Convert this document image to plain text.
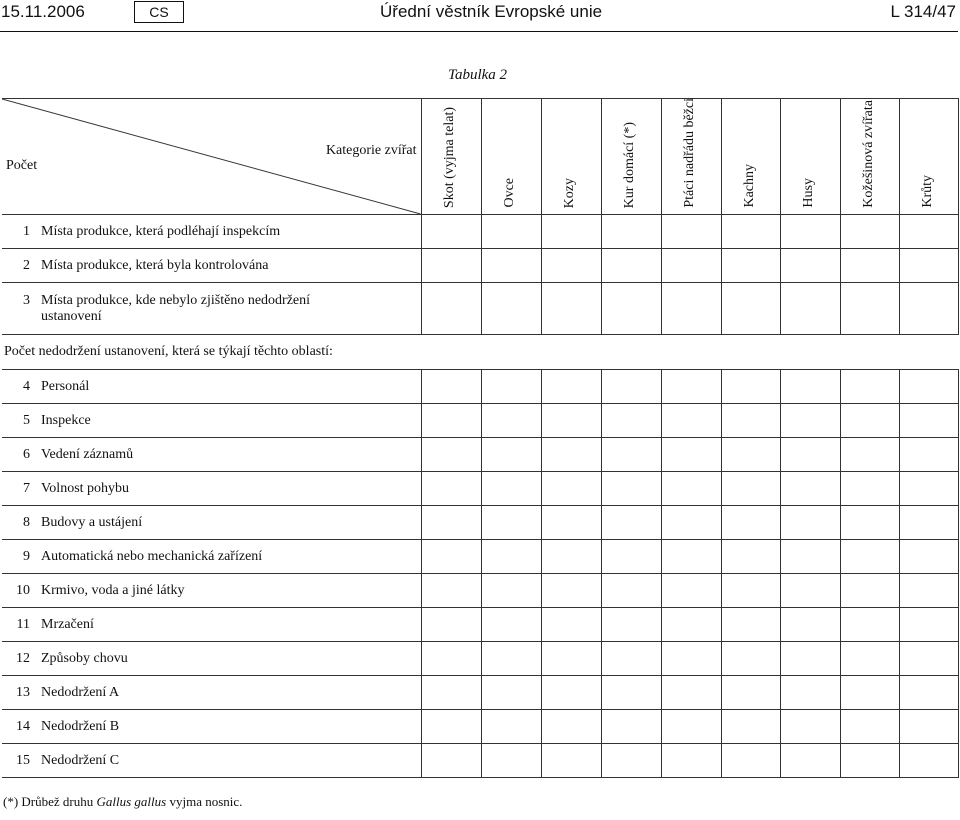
15.11.2006	CS	Úřední věstník Evropské unie	L 314/47
Tabulka 2
Kategorie zvířat
Počet	Skot (vyjma telat)	Ovce	Kozy	Kur domácí (*)	Ptáci nadřádu běžci	Kachny	Husy	Kožešinová zvířata	Krůty

1 Místa produkce, která podléhají inspekcím									
2 Místa produkce, která byla kontrolována									
3 Místa produkce, kde nebylo zjištěno nedodržení ustanovení									
Počet nedodržení ustanovení, která se týkají těchto oblastí:									
4 Personál									
5 Inspekce									
6 Vedení záznamů									
7 Volnost pohybu									
8 Budovy a ustájení									
9 Automatická nebo mechanická zařízení									
10 Krmivo, voda a jiné látky									
11 Mrzačení									
12 Způsoby chovu									
13 Nedodržení A									
14 Nedodržení B									
15 Nedodržení C									
(*) Drůbež druhu Gallus gallus vyjma nosnic.
